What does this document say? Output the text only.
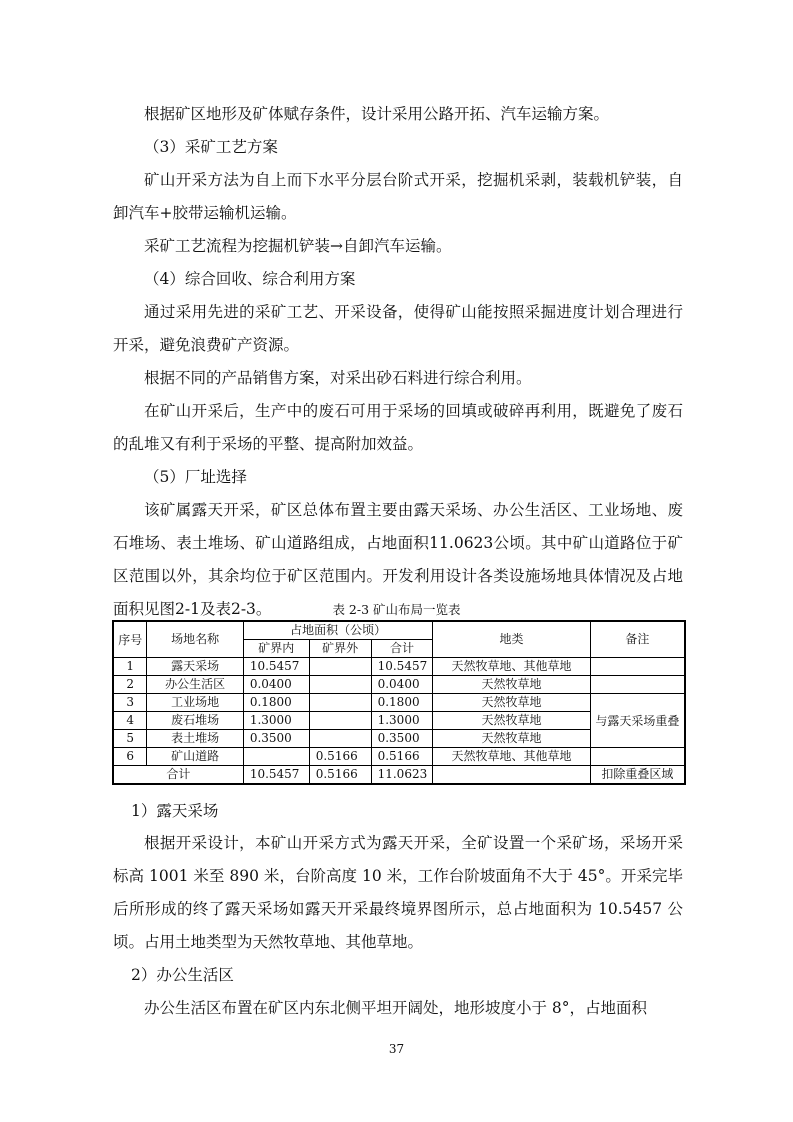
根据矿区地形及矿体赋存条件，设计采用公路开拓、汽车运输方案。
（3）采矿工艺方案
矿山开采方法为自上而下水平分层台阶式开采，挖掘机采剥，装载机铲装，自卸汽车+胶带运输机运输。
采矿工艺流程为挖掘机铲装→自卸汽车运输。
（4）综合回收、综合利用方案
通过采用先进的采矿工艺、开采设备，使得矿山能按照采掘进度计划合理进行开采，避免浪费矿产资源。
根据不同的产品销售方案，对采出砂石料进行综合利用。
在矿山开采后，生产中的废石可用于采场的回填或破碎再利用，既避免了废石的乱堆又有利于采场的平整、提高附加效益。
（5）厂址选择
该矿属露天开采，矿区总体布置主要由露天采场、办公生活区、工业场地、废石堆场、表土堆场、矿山道路组成，占地面积11.0623公顷。其中矿山道路位于矿区范围以外，其余均位于矿区范围内。开发利用设计各类设施场地具体情况及占地面积见图2-1及表2-3。	表 2-3 矿山布局一览表
序号	场地名称	占地面积（公顷）			地类	备注
		矿界内	矿界外	合计		
1	露天采场	10.5457		10.5457	天然牧草地、其他草地	
2	办公生活区	0.0400		0.0400	天然牧草地	
3	工业场地	0.1800		0.1800	天然牧草地	与露天采场重叠
4	废石堆场	1.3000		1.3000	天然牧草地	
5	表土堆场	0.3500		0.3500	天然牧草地	
6	矿山道路		0.5166	0.5166	天然牧草地、其他草地	
合计		10.5457	0.5166	11.0623		扣除重叠区域
1）露天采场
根据开采设计，本矿山开采方式为露天开采，全矿设置一个采矿场，采场开采标高 1001 米至 890 米，台阶高度 10 米，工作台阶坡面角不大于 45°。开采完毕后所形成的终了露天采场如露天开采最终境界图所示，总占地面积为 10.5457 公顷。占用土地类型为天然牧草地、其他草地。
2）办公生活区
办公生活区布置在矿区内东北侧平坦开阔处，地形坡度小于 8°，占地面积
37
